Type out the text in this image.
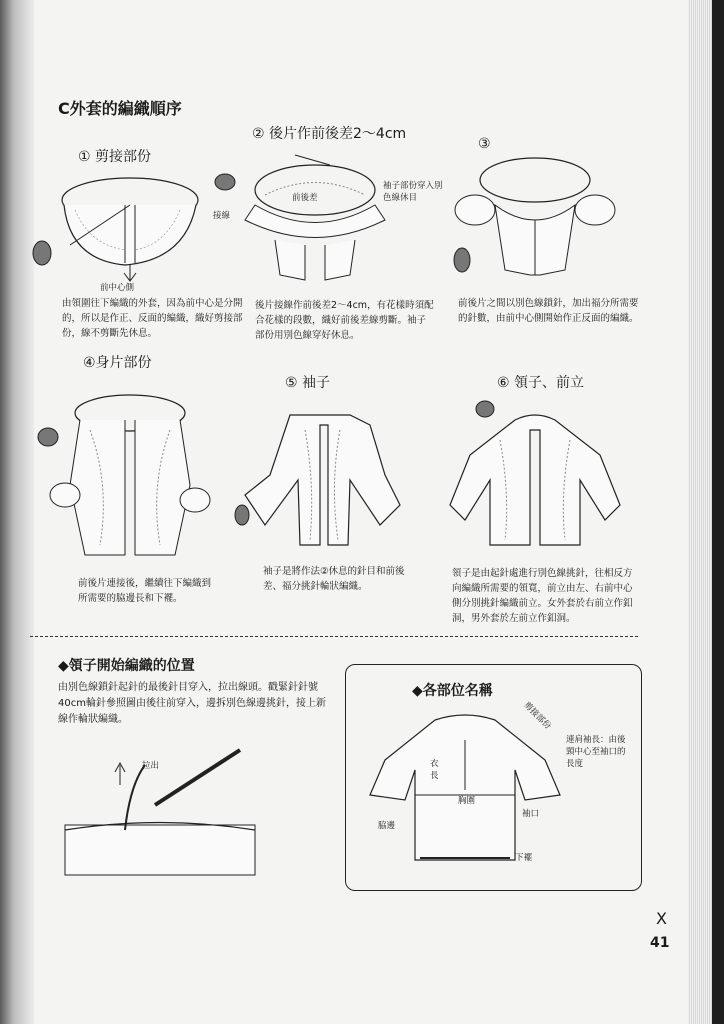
C外套的編織順序
① 剪接部份
前中心側
由領圍往下編織的外套，因為前中心是分開的，所以是作正、反面的編織，織好剪接部份，線不剪斷先休息。
② 後片作前後差2〜4cm
前後差
接線
袖子部份穿入別色線休目
後片接線作前後差2〜4cm，有花樣時須配合花樣的段數，織好前後差線剪斷。袖子部份用別色線穿好休息。
③
前後片之間以別色線鎖針，加出福分所需要的針數，由前中心側開始作正反面的編織。
④身片部份
前後片連接後，繼續往下編織到所需要的脇邊長和下襬。
⑤ 袖子
袖子是將作法②休息的針目和前後差、福分挑針輪狀編織。
⑥ 領子、前立
領子是由起針處進行別色線挑針，往相反方向編織所需要的領寬，前立由左、右前中心側分別挑針編織前立。女外套於右前立作釦洞，男外套於左前立作釦洞。
◆領子開始編織的位置
由別色線鎖針起針的最後針目穿入，拉出線頭。戳緊針針號40cm輪針參照圖由後往前穿入，邊拆別色線邊挑針，接上新線作輪狀編織。
拉出
◆各部位名稱
剪接部份
衣長
胸圍
脇邊
袖口
下襬
連肩袖長：由後頸中心至袖口的長度
X
41
